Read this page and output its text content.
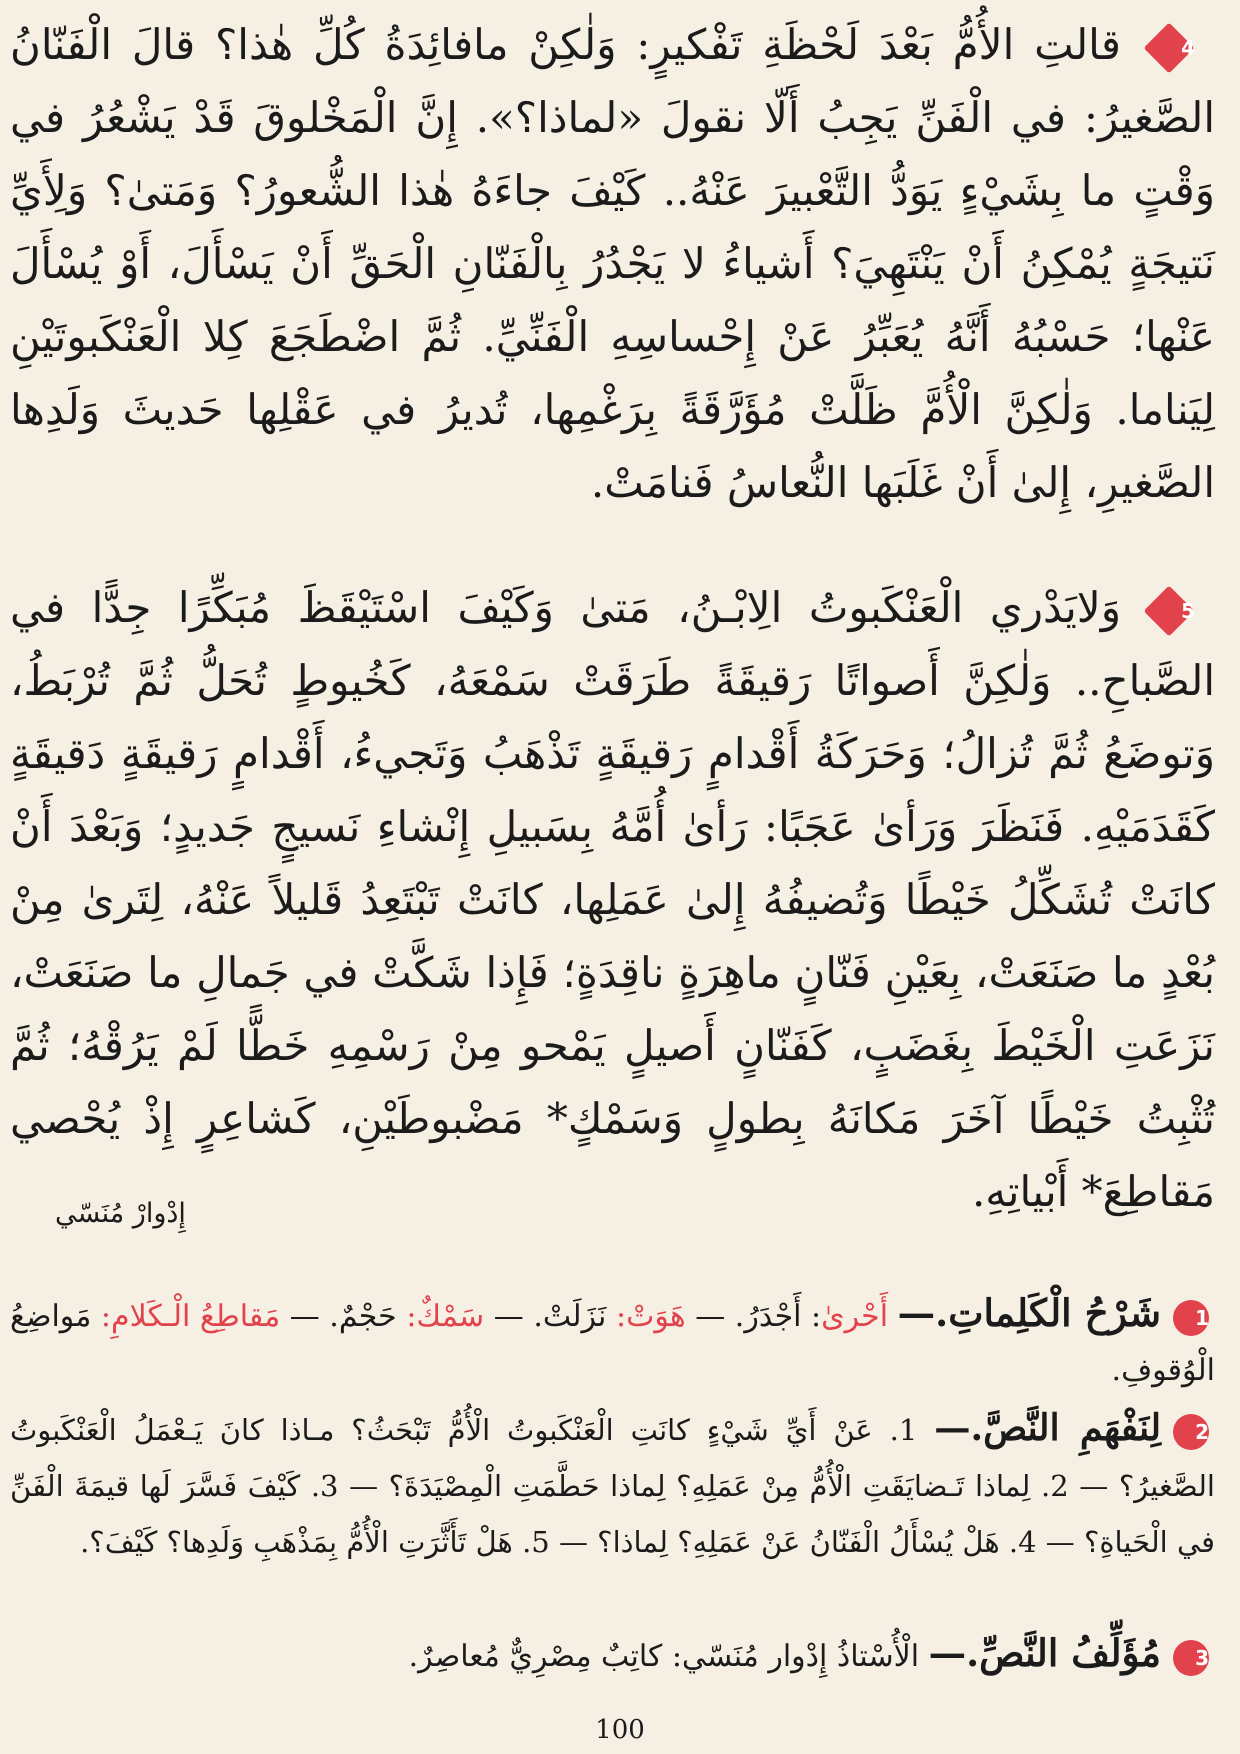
4
قالتِ الأُمُّ بَعْدَ لَحْظَةِ تَفْكيرٍ: وَلٰكِنْ مافائِدَةُ كُلِّ هٰذا؟ قالَ الْفَنّانُ الصَّغيرُ: في الْفَنِّ يَجِبُ أَلّا نقولَ «لماذا؟». إِنَّ الْمَخْلوقَ قَدْ يَشْعُرُ في وَقْتٍ ما بِشَيْءٍ يَوَدُّ التَّعْبيرَ عَنْهُ.. كَيْفَ جاءَهُ هٰذا الشُّعورُ؟ وَمَتىٰ؟ وَلِأَيِّ نَتيجَةٍ يُمْكِنُ أَنْ يَنْتَهِيَ؟ أَشياءُ لا يَجْدُرُ بِالْفَنّانِ الْحَقِّ أَنْ يَسْأَلَ، أَوْ يُسْأَلَ عَنْها؛ حَسْبُهُ أَنَّهُ يُعَبِّرُ عَنْ إِحْساسِهِ الْفَنِّيِّ. ثُمَّ اضْطَجَعَ كِلا الْعَنْكَبوتَيْنِ لِيَناما. وَلٰكِنَّ الْأُمَّ ظَلَّتْ مُؤَرَّقَةً بِرَغْمِها، تُديرُ في عَقْلِها حَديثَ وَلَدِها الصَّغيرِ، إِلىٰ أَنْ غَلَبَها النُّعاسُ فَنامَتْ.

5
وَلايَدْري الْعَنْكَبوتُ الِابْـنُ، مَتىٰ وَكَيْفَ اسْتَيْقَظَ مُبَكِّرًا جِدًّا في الصَّباحِ.. وَلٰكِنَّ أَصواتًا رَقيقَةً طَرَقَتْ سَمْعَهُ، كَخُيوطٍ تُحَلُّ ثُمَّ تُرْبَطُ، وَتوضَعُ ثُمَّ تُزالُ؛ وَحَرَكَةُ أَقْدامٍ رَقيقَةٍ تَذْهَبُ وَتَجيءُ، أَقْدامٍ رَقيقَةٍ دَقيقَةٍ كَقَدَمَيْهِ. فَنَظَرَ وَرَأىٰ عَجَبًا: رَأىٰ أُمَّهُ بِسَبيلِ إِنْشاءِ نَسيجٍ جَديدٍ؛ وَبَعْدَ أَنْ كانَتْ تُشَكِّلُ خَيْطًا وَتُضيفُهُ إِلىٰ عَمَلِها، كانَتْ تَبْتَعِدُ قَليلاً عَنْهُ، لِتَرىٰ مِنْ بُعْدٍ ما صَنَعَتْ، بِعَيْنِ فَنّانٍ ماهِرَةٍ ناقِدَةٍ؛ فَإِذا شَكَّتْ في جَمالِ ما صَنَعَتْ، نَزَعَتِ الْخَيْطَ بِغَضَبٍ، كَفَنّانٍ أَصيلٍ يَمْحو مِنْ رَسْمِهِ خَطًّا لَمْ يَرُقْهُ؛ ثُمَّ تُثْبِتُ خَيْطًا آخَرَ مَكانَهُ بِطولٍ وَسَمْكٍ* مَضْبوطَيْنِ، كَشاعِرٍ إِذْ يُحْصي مَقاطِعَ* أَبْياتِهِ.

إِدْوارْ مُنَسّي

1شَرْحُ الْكَلِماتِ.— أَحْرىٰ: أَجْدَرُ. — هَوَتْ: نَزَلَتْ. — سَمْكٌ: حَجْمٌ. — مَقاطِعُ الْـكَلامِ: مَواضِعُ الْوُقوفِ.

2لِنَفْهَمِ النَّصَّ.— 1. عَنْ أَيِّ شَيْءٍ كانَتِ الْعَنْكَبوتُ الْأُمُّ تَبْحَثُ؟ مـاذا كانَ يَـعْمَلُ الْعَنْكَبوتُ الصَّغيرُ؟ — 2. لِماذا تَـضايَقَتِ الْأُمُّ مِنْ عَمَلِهِ؟ لِماذا حَطَّمَتِ الْمِصْيَدَةَ؟ — 3. كَيْفَ فَسَّرَ لَها قيمَةَ الْفَنِّ في الْحَياةِ؟ — 4. هَلْ يُسْأَلُ الْفَنّانُ عَنْ عَمَلِهِ؟ لِماذا؟ — 5. هَلْ تَأَثَّرَتِ الْأُمُّ بِمَذْهَبِ وَلَدِها؟ كَيْفَ؟.

3مُؤَلِّفُ النَّصِّ.— الْأُسْتاذُ إِدْوار مُنَسّي: كاتِبٌ مِصْرِيٌّ مُعاصِرٌ.

100
